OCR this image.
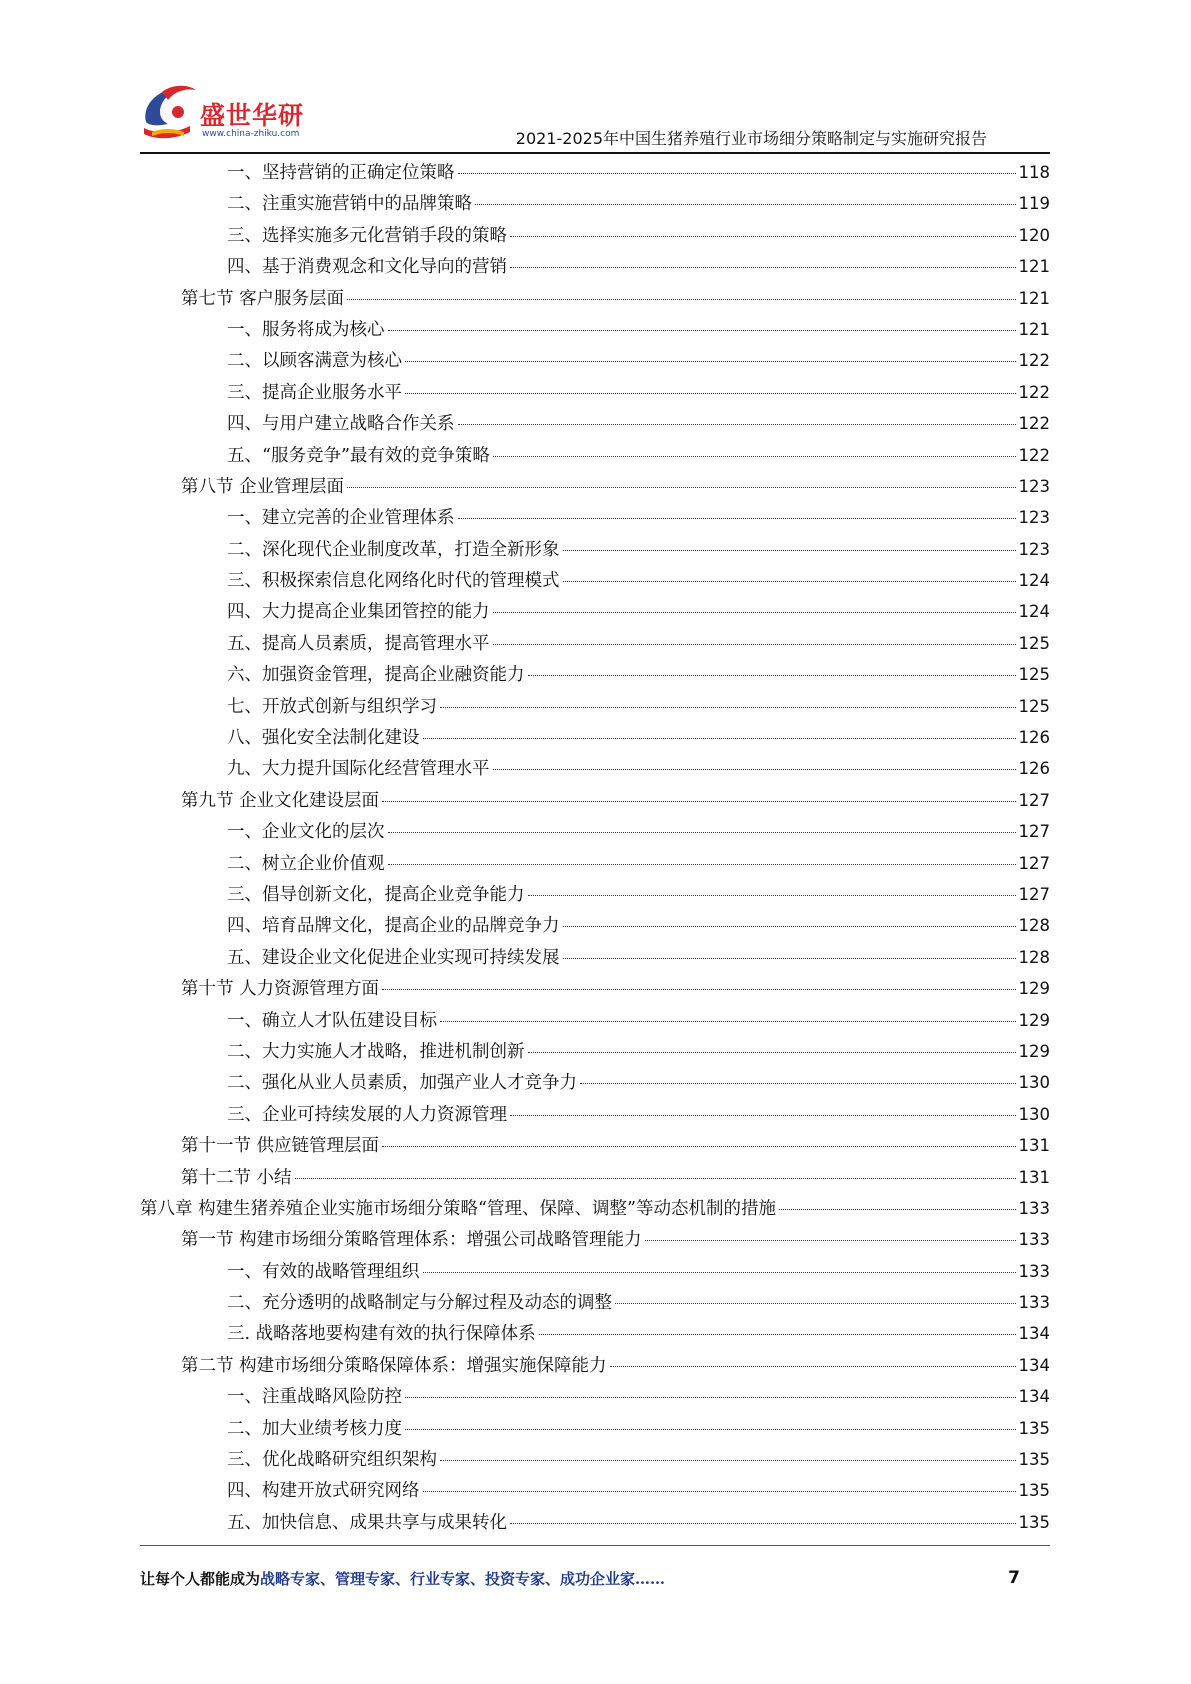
盛世华研
www.china-zhiku.com	2021-2025年中国生猪养殖行业市场细分策略制定与实施研究报告
一、坚持营销的正确定位策略	118
二、注重实施营销中的品牌策略	119
三、选择实施多元化营销手段的策略	120
四、基于消费观念和文化导向的营销	121
第七节 客户服务层面	121
一、服务将成为核心	121
二、以顾客满意为核心	122
三、提高企业服务水平	122
四、与用户建立战略合作关系	122
五、“服务竞争”最有效的竞争策略	122
第八节 企业管理层面	123
一、建立完善的企业管理体系	123
二、深化现代企业制度改革，打造全新形象	123
三、积极探索信息化网络化时代的管理模式	124
四、大力提高企业集团管控的能力	124
五、提高人员素质，提高管理水平	125
六、加强资金管理，提高企业融资能力	125
七、开放式创新与组织学习	125
八、强化安全法制化建设	126
九、大力提升国际化经营管理水平	126
第九节 企业文化建设层面	127
一、企业文化的层次	127
二、树立企业价值观	127
三、倡导创新文化，提高企业竞争能力	127
四、培育品牌文化，提高企业的品牌竞争力	128
五、建设企业文化促进企业实现可持续发展	128
第十节 人力资源管理方面	129
一、确立人才队伍建设目标	129
二、大力实施人才战略，推进机制创新	129
二、强化从业人员素质，加强产业人才竞争力	130
三、企业可持续发展的人力资源管理	130
第十一节 供应链管理层面	131
第十二节 小结	131
第八章 构建生猪养殖企业实施市场细分策略“管理、保障、调整”等动态机制的措施	133
第一节 构建市场细分策略管理体系：增强公司战略管理能力	133
一、有效的战略管理组织	133
二、充分透明的战略制定与分解过程及动态的调整	133
三. 战略落地要构建有效的执行保障体系	134
第二节 构建市场细分策略保障体系：增强实施保障能力	134
一、注重战略风险防控	134
二、加大业绩考核力度	135
三、优化战略研究组织架构	135
四、构建开放式研究网络	135
五、加快信息、成果共享与成果转化	135
让每个人都能成为战略专家、管理专家、行业专家、投资专家、成功企业家……	7
